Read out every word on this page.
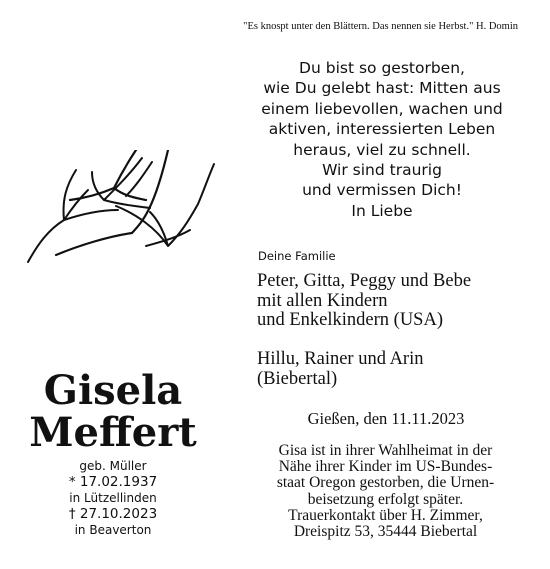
"Es knospt unter den Blättern. Das nennen sie Herbst." H. Domin
Du bist so gestorben,
wie Du gelebt hast: Mitten aus
einem liebevollen, wachen und
aktiven, interessierten Leben
heraus, viel zu schnell.
Wir sind traurig
und vermissen Dich!
In Liebe
Deine Familie
Peter, Gitta, Peggy und Bebe
mit allen Kindern
und Enkelkindern (USA)
Hillu, Rainer und Arin
(Biebertal)
Gisela
Meffert
geb. Müller
* 17.02.1937
in Lützellinden
† 27.10.2023
in Beaverton
Gießen, den 11.11.2023
Gisa ist in ihrer Wahlheimat in der
Nähe ihrer Kinder im US-Bundes-
staat Oregon gestorben, die Urnen-
beisetzung erfolgt später.
Trauerkontakt über H. Zimmer,
Dreispitz 53, 35444 Biebertal
